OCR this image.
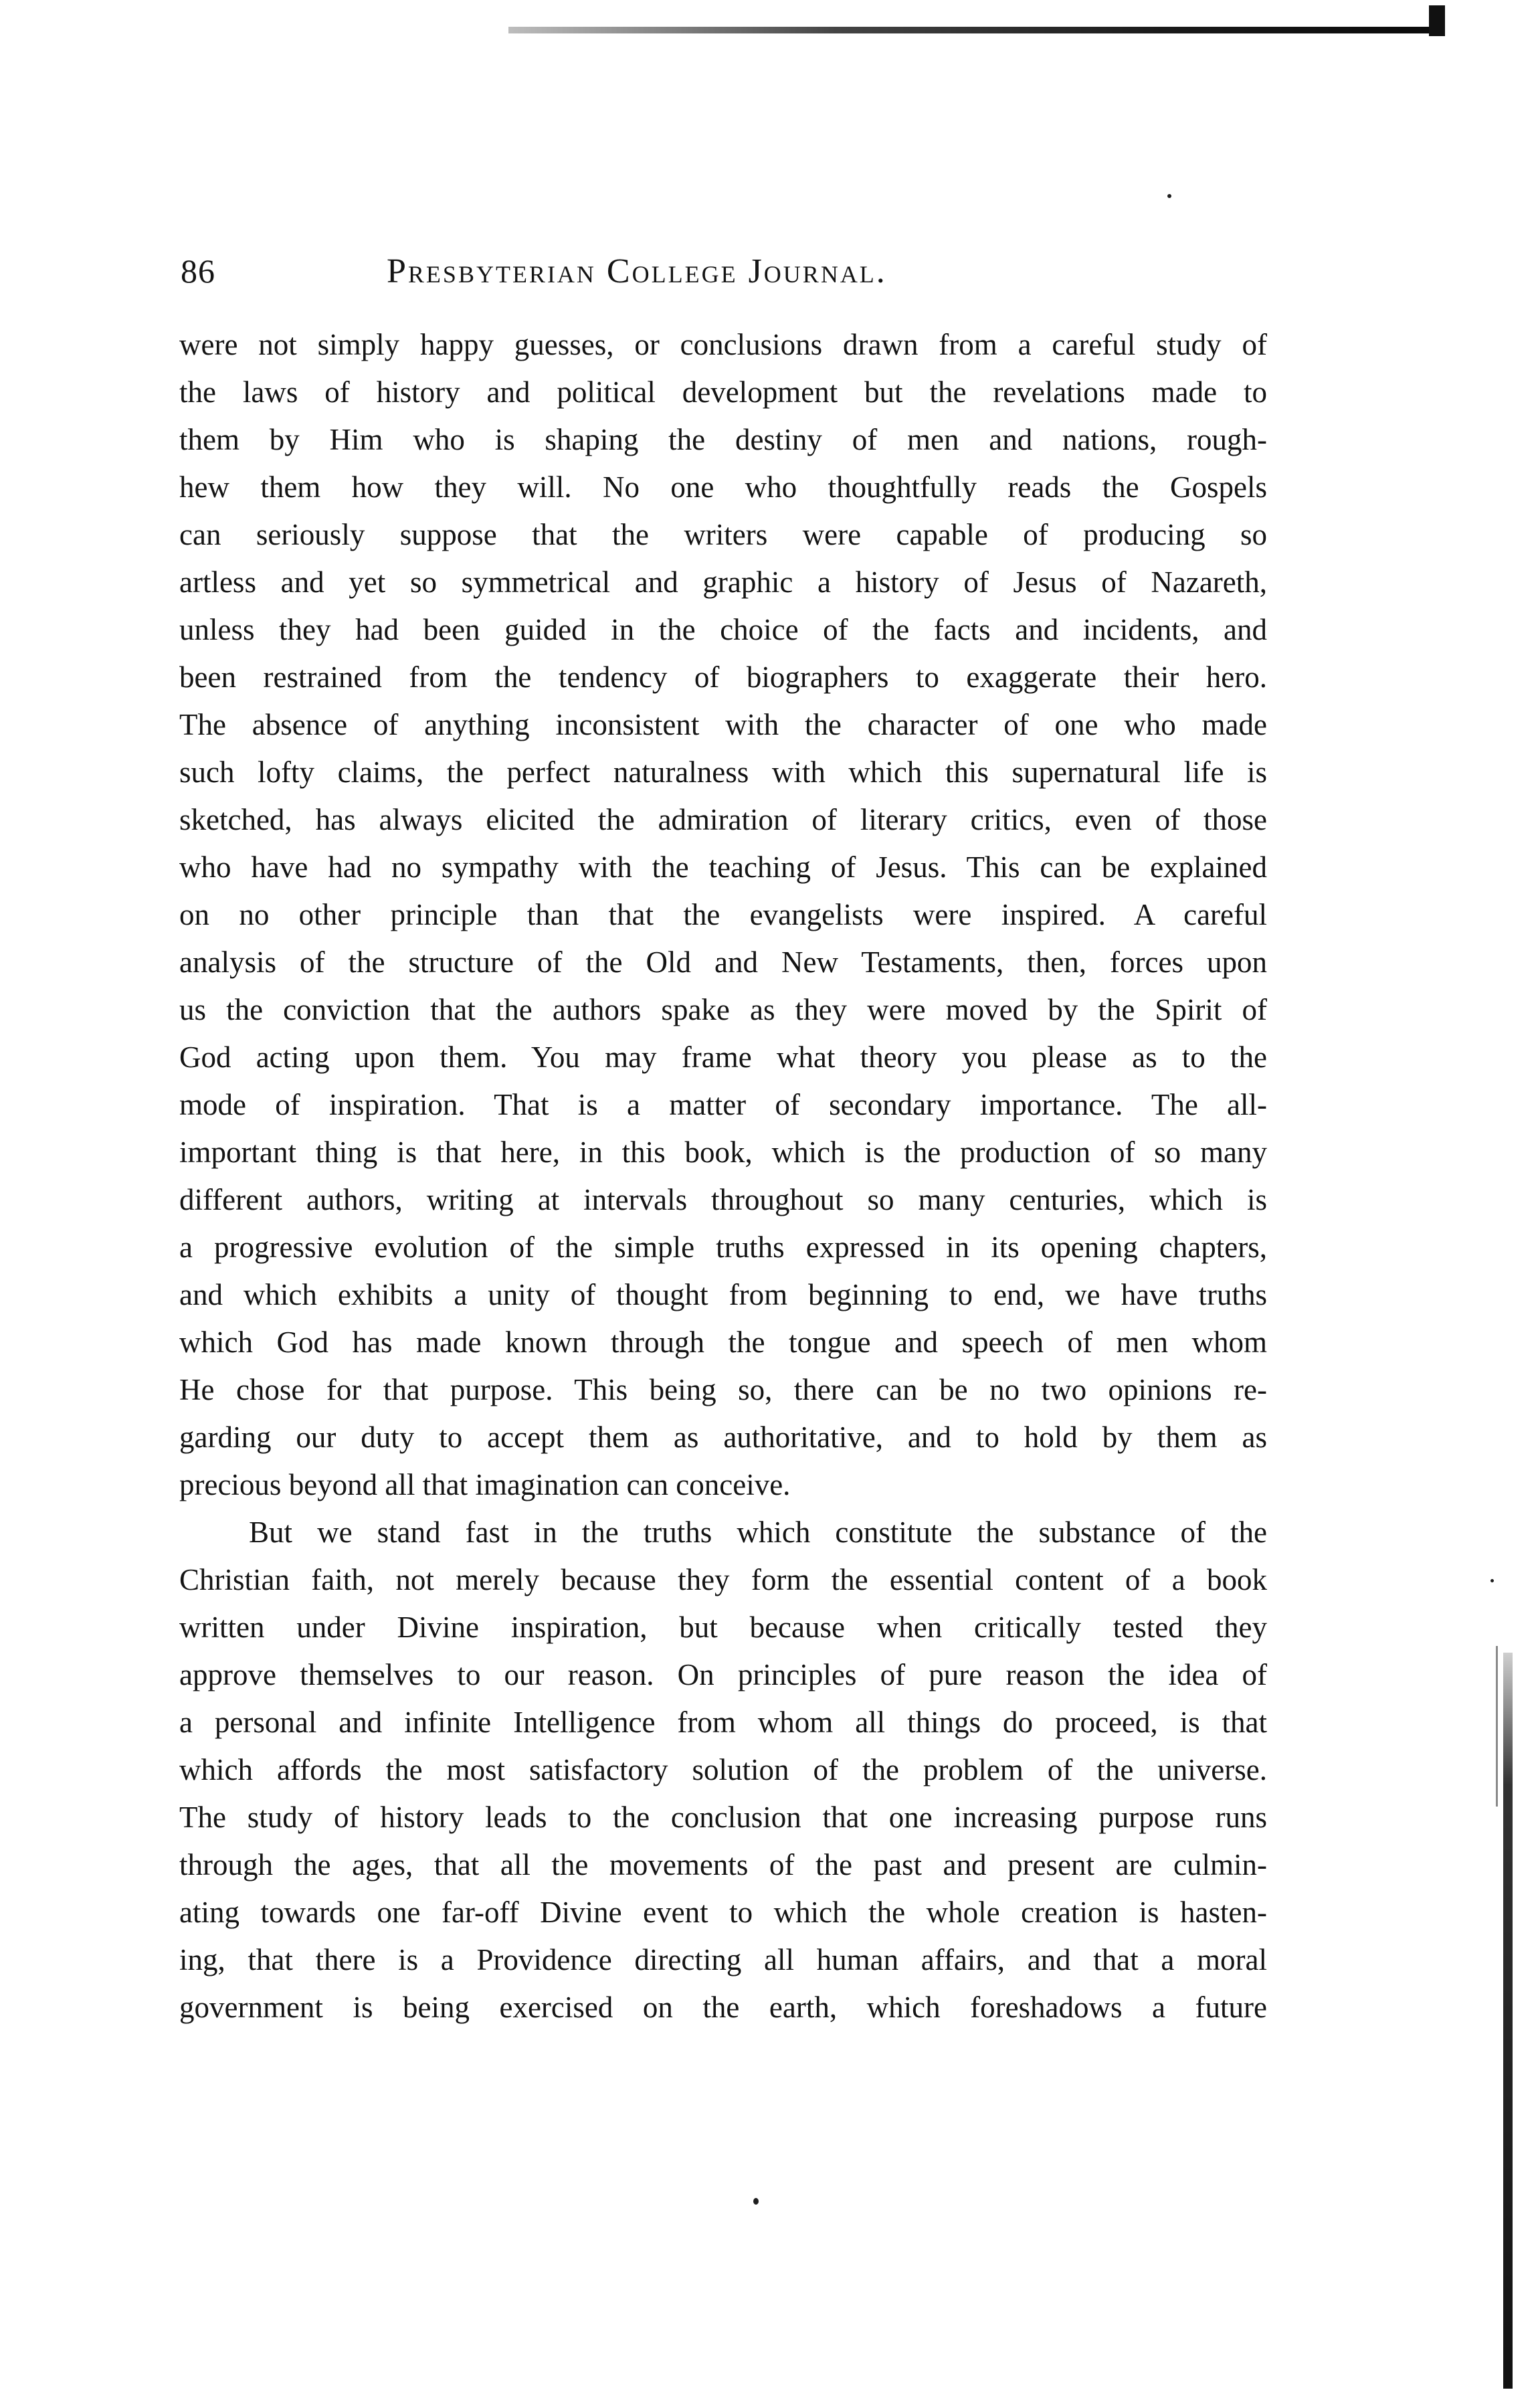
86	Presbyterian College Journal.
were not simply happy guesses, or conclusions drawn from a careful study of
the laws of history and political development but the revelations made to
them by Him who is shaping the destiny of men and nations, rough-
hew them how they will. No one who thoughtfully reads the Gospels
can seriously suppose that the writers were capable of producing so
artless and yet so symmetrical and graphic a history of Jesus of Nazareth,
unless they had been guided in the choice of the facts and incidents, and
been restrained from the tendency of biographers to exaggerate their hero.
The absence of anything inconsistent with the character of one who made
such lofty claims, the perfect naturalness with which this supernatural life is
sketched, has always elicited the admiration of literary critics, even of those
who have had no sympathy with the teaching of Jesus. This can be explained
on no other principle than that the evangelists were inspired. A careful
analysis of the structure of the Old and New Testaments, then, forces upon
us the conviction that the authors spake as they were moved by the Spirit of
God acting upon them. You may frame what theory you please as to the
mode of inspiration. That is a matter of secondary importance. The all-
important thing is that here, in this book, which is the production of so many
different authors, writing at intervals throughout so many centuries, which is
a progressive evolution of the simple truths expressed in its opening chapters,
and which exhibits a unity of thought from beginning to end, we have truths
which God has made known through the tongue and speech of men whom
He chose for that purpose. This being so, there can be no two opinions re-
garding our duty to accept them as authoritative, and to hold by them as
precious beyond all that imagination can conceive.
But we stand fast in the truths which constitute the substance of the
Christian faith, not merely because they form the essential content of a book
written under Divine inspiration, but because when critically tested they
approve themselves to our reason. On principles of pure reason the idea of
a personal and infinite Intelligence from whom all things do proceed, is that
which affords the most satisfactory solution of the problem of the universe.
The study of history leads to the conclusion that one increasing purpose runs
through the ages, that all the movements of the past and present are culmin-
ating towards one far-off Divine event to which the whole creation is hasten-
ing, that there is a Providence directing all human affairs, and that a moral
government is being exercised on the earth, which foreshadows a future
